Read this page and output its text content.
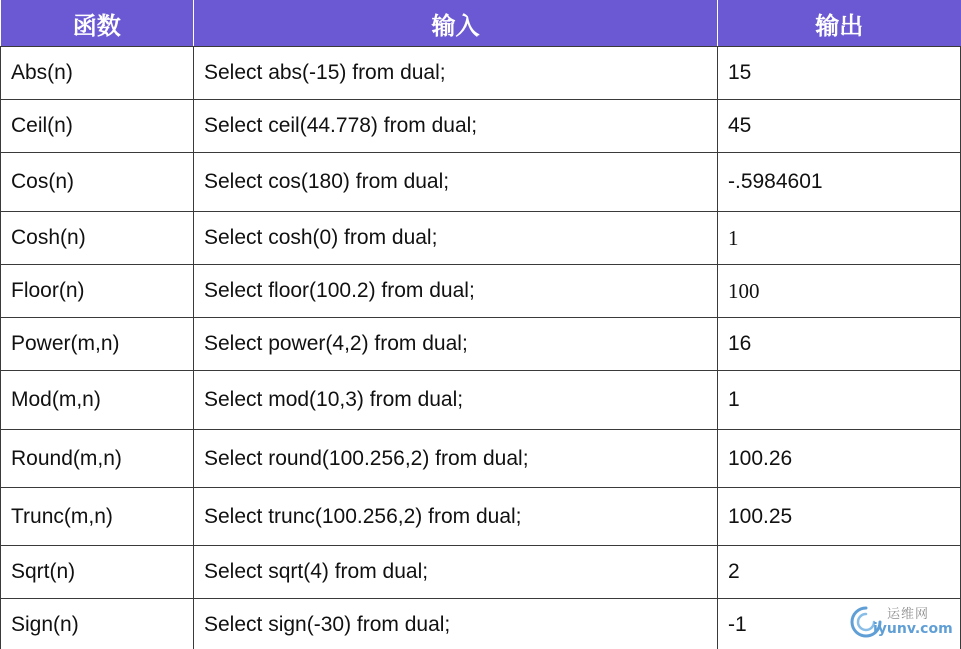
函数	输入	输出
Abs(n)	Select abs(-15) from dual;	15
Ceil(n)	Select ceil(44.778) from dual;	45
Cos(n)	Select cos(180) from dual;	-.5984601
Cosh(n)	Select cosh(0) from dual;	1
Floor(n)	Select floor(100.2) from dual;	100
Power(m,n)	Select power(4,2) from dual;	16
Mod(m,n)	Select mod(10,3) from dual;	1
Round(m,n)	Select round(100.256,2) from dual;	100.26
Trunc(m,n)	Select trunc(100.256,2) from dual;	100.25
Sqrt(n)	Select sqrt(4) from dual;	2
Sign(n)	Select sign(-30) from dual;	-1	运维网
iyunv.com
